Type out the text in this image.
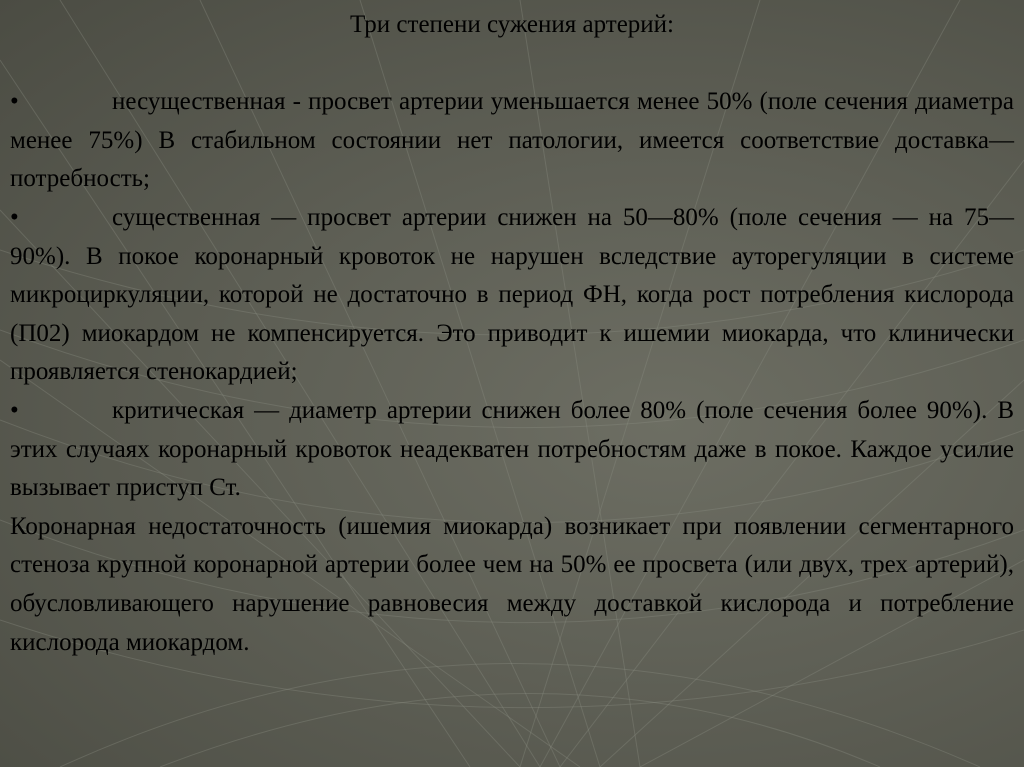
Три степени сужения артерий:

•	несущественная - просвет артерии уменьшается менее 50% (поле сечения диаметра менее 75%) В стабильном состоянии нет патологии, имеется соответствие доставка—потребность;

•	существенная — просвет артерии снижен на 50—80% (поле сечения — на 75—90%). В покое коронарный кровоток не нарушен вследствие ауторегуляции в системе микроциркуляции, которой не достаточно в период ФН, когда рост потребления кислорода (П02) миокардом не компенсируется. Это приводит к ишемии миокарда, что клинически проявляется стенокардией;

•	критическая — диаметр артерии снижен более 80% (поле сечения более 90%). В этих случаях коронарный кровоток неадекватен потребностям даже в покое. Каждое усилие вызывает приступ Ст.

Коронарная недостаточность (ишемия миокарда) возникает при появлении сегментарного стеноза крупной коронарной артерии более чем на 50% ее просвета (или двух, трех артерий), обусловливающего нарушение равновесия между доставкой кислорода и потребление кислорода миокардом.
